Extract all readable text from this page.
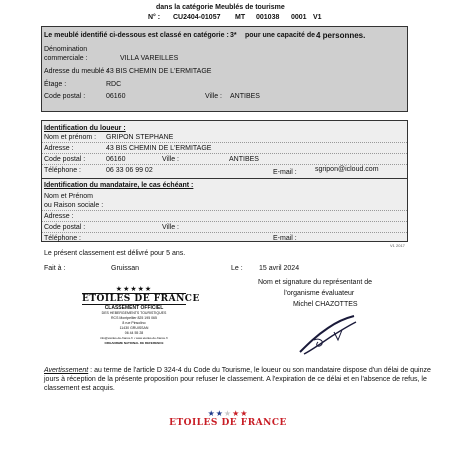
dans la catégorie Meublés de tourisme
N° : CU2404-01057 MT 001038 0001 V1
Le meublé identifié ci-dessous est classé en catégorie : 3* pour une capacité de 4 personnes.
Dénomination
commerciale :	VILLA VAREILLES
Adresse du meublé :
43 BIS CHEMIN DE L'ERMITAGE
Étage :	RDC
Code postal :	06160	Ville : ANTIBES
Identification du loueur :
Nom et prénom : GRIPON STEPHANE
Adresse :	43 BIS CHEMIN DE L'ERMITAGE
Code postal :	06160	Ville :	ANTIBES
Téléphone :	06 33 06 99 02	E-mail :	sgripon@icloud.com
Identification du mandataire, le cas échéant :
Nom et Prénom
ou Raison sociale :
Adresse :
Code postal :	Ville :
Téléphone :	E-mail :
V1 2017
Le présent classement est délivré pour 5 ans.
Fait à :	Gruissan	Le : 15 avril 2024
Nom et signature du représentant de
l'organisme évaluateur
Michel CHAZOTTES
★★★★★
ETOILES DE FRANCE
CLASSEMENT OFFICIEL
DES HEBERGEMENTS TOURISTIQUES
RCS Montpellier 825 195 065
8 rue Pinsolino
11430 GRUISSAN
06 44 55 28
info@etoiles-de-france.fr • www.etoiles-de-france.fr
ORGANISME NATIONAL DE REFERENCE
Avertissement : au terme de l'article D 324-4 du Code du Tourisme, le loueur ou son mandataire dispose d'un délai de quinze
jours à réception de la présente proposition pour refuser le classement. A l'expiration de ce délai et en l'absence de refus, le
classement est acquis.
★★★★★
ETOILES DE FRANCE
